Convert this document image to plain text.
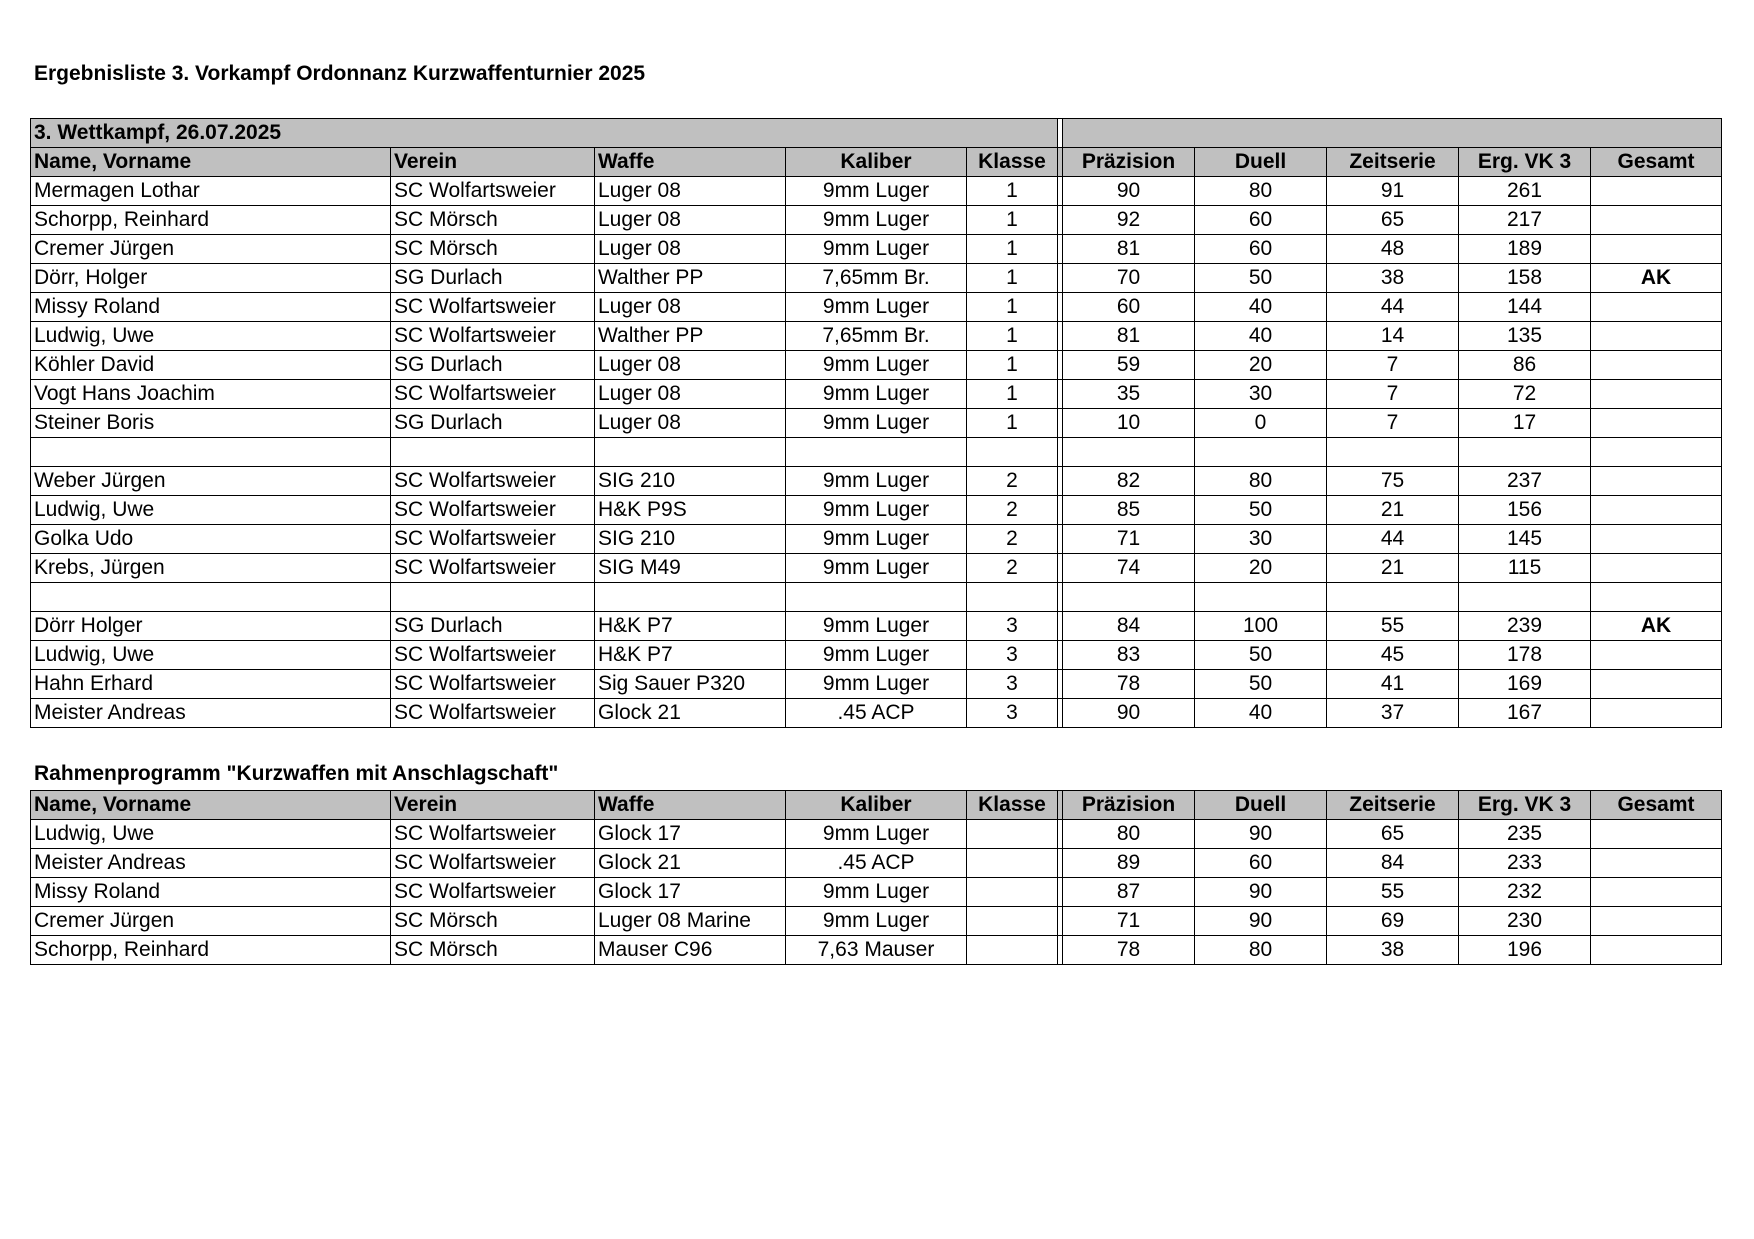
Ergebnisliste 3. Vorkampf Ordonnanz Kurzwaffenturnier 2025
3. Wettkampf, 26.07.2025										
Name, Vorname	Verein	Waffe	Kaliber	Klasse		Präzision	Duell	Zeitserie	Erg. VK 3	Gesamt
Mermagen Lothar	SC Wolfartsweier	Luger 08	9mm Luger	1		90	80	91	261	
Schorpp, Reinhard	SC Mörsch	Luger 08	9mm Luger	1		92	60	65	217	
Cremer Jürgen	SC Mörsch	Luger 08	9mm Luger	1		81	60	48	189	
Dörr, Holger	SG Durlach	Walther PP	7,65mm Br.	1		70	50	38	158	AK
Missy Roland	SC Wolfartsweier	Luger 08	9mm Luger	1		60	40	44	144	
Ludwig, Uwe	SC Wolfartsweier	Walther PP	7,65mm Br.	1		81	40	14	135	
Köhler David	SG Durlach	Luger 08	9mm Luger	1		59	20	7	86	
Vogt Hans Joachim	SC Wolfartsweier	Luger 08	9mm Luger	1		35	30	7	72	
Steiner Boris	SG Durlach	Luger 08	9mm Luger	1		10	0	7	17	

Weber Jürgen	SC Wolfartsweier	SIG 210	9mm Luger	2		82	80	75	237	
Ludwig, Uwe	SC Wolfartsweier	H&K P9S	9mm Luger	2		85	50	21	156	
Golka Udo	SC Wolfartsweier	SIG 210	9mm Luger	2		71	30	44	145	
Krebs, Jürgen	SC Wolfartsweier	SIG M49	9mm Luger	2		74	20	21	115	

Dörr Holger	SG Durlach	H&K P7	9mm Luger	3		84	100	55	239	AK
Ludwig, Uwe	SC Wolfartsweier	H&K P7	9mm Luger	3		83	50	45	178	
Hahn Erhard	SC Wolfartsweier	Sig Sauer P320	9mm Luger	3		78	50	41	169	
Meister Andreas	SC Wolfartsweier	Glock 21	.45 ACP	3		90	40	37	167	
Rahmenprogramm "Kurzwaffen mit Anschlagschaft"
Name, Vorname	Verein	Waffe	Kaliber	Klasse		Präzision	Duell	Zeitserie	Erg. VK 3	Gesamt
Ludwig, Uwe	SC Wolfartsweier	Glock 17	9mm Luger			80	90	65	235	
Meister Andreas	SC Wolfartsweier	Glock 21	.45 ACP			89	60	84	233	
Missy Roland	SC Wolfartsweier	Glock 17	9mm Luger			87	90	55	232	
Cremer Jürgen	SC Mörsch	Luger 08 Marine	9mm Luger			71	90	69	230	
Schorpp, Reinhard	SC Mörsch	Mauser C96	7,63 Mauser			78	80	38	196	
